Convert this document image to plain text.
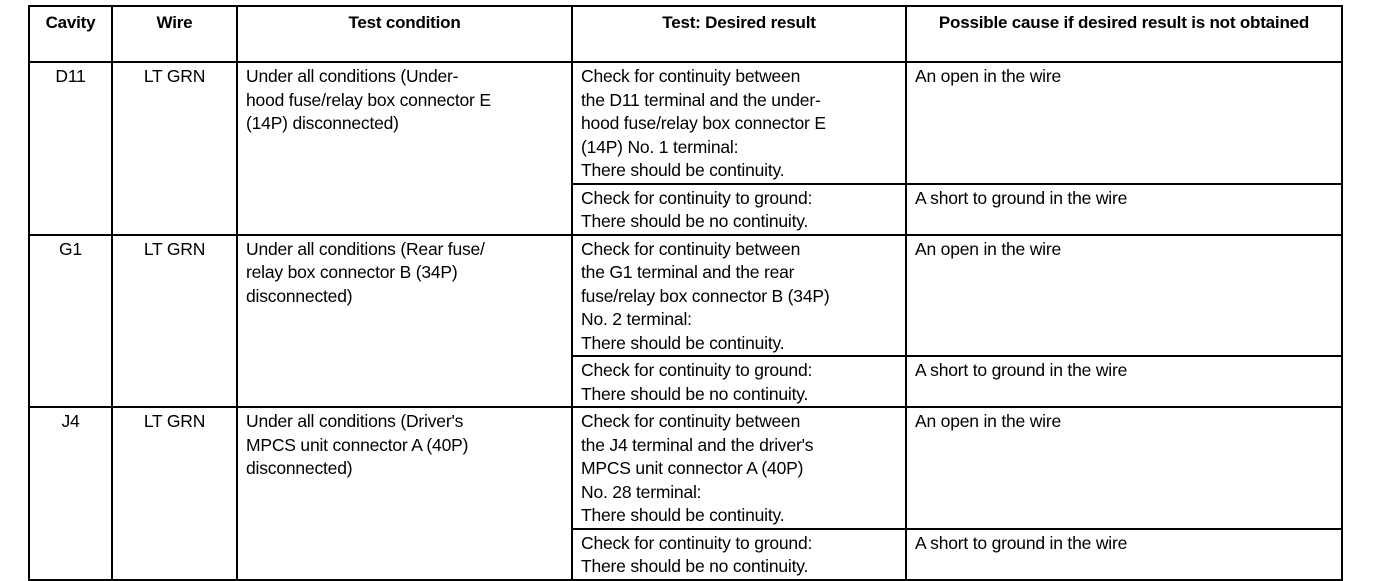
Cavity	Wire	Test condition	Test: Desired result	Possible cause if desired result is not obtained
D11	LT GRN	Under all conditions (Under-
hood fuse/relay box connector E
(14P) disconnected)	Check for continuity between
the D11 terminal and the under-
hood fuse/relay box connector E
(14P) No. 1 terminal:
There should be continuity.	An open in the wire
			Check for continuity to ground:
There should be no continuity.	A short to ground in the wire
G1	LT GRN	Under all conditions (Rear fuse/
relay box connector B (34P)
disconnected)	Check for continuity between
the G1 terminal and the rear
fuse/relay box connector B (34P)
No. 2 terminal:
There should be continuity.	An open in the wire
			Check for continuity to ground:
There should be no continuity.	A short to ground in the wire
J4	LT GRN	Under all conditions (Driver's
MPCS unit connector A (40P)
disconnected)	Check for continuity between
the J4 terminal and the driver's
MPCS unit connector A (40P)
No. 28 terminal:
There should be continuity.	An open in the wire
			Check for continuity to ground:
There should be no continuity.	A short to ground in the wire
